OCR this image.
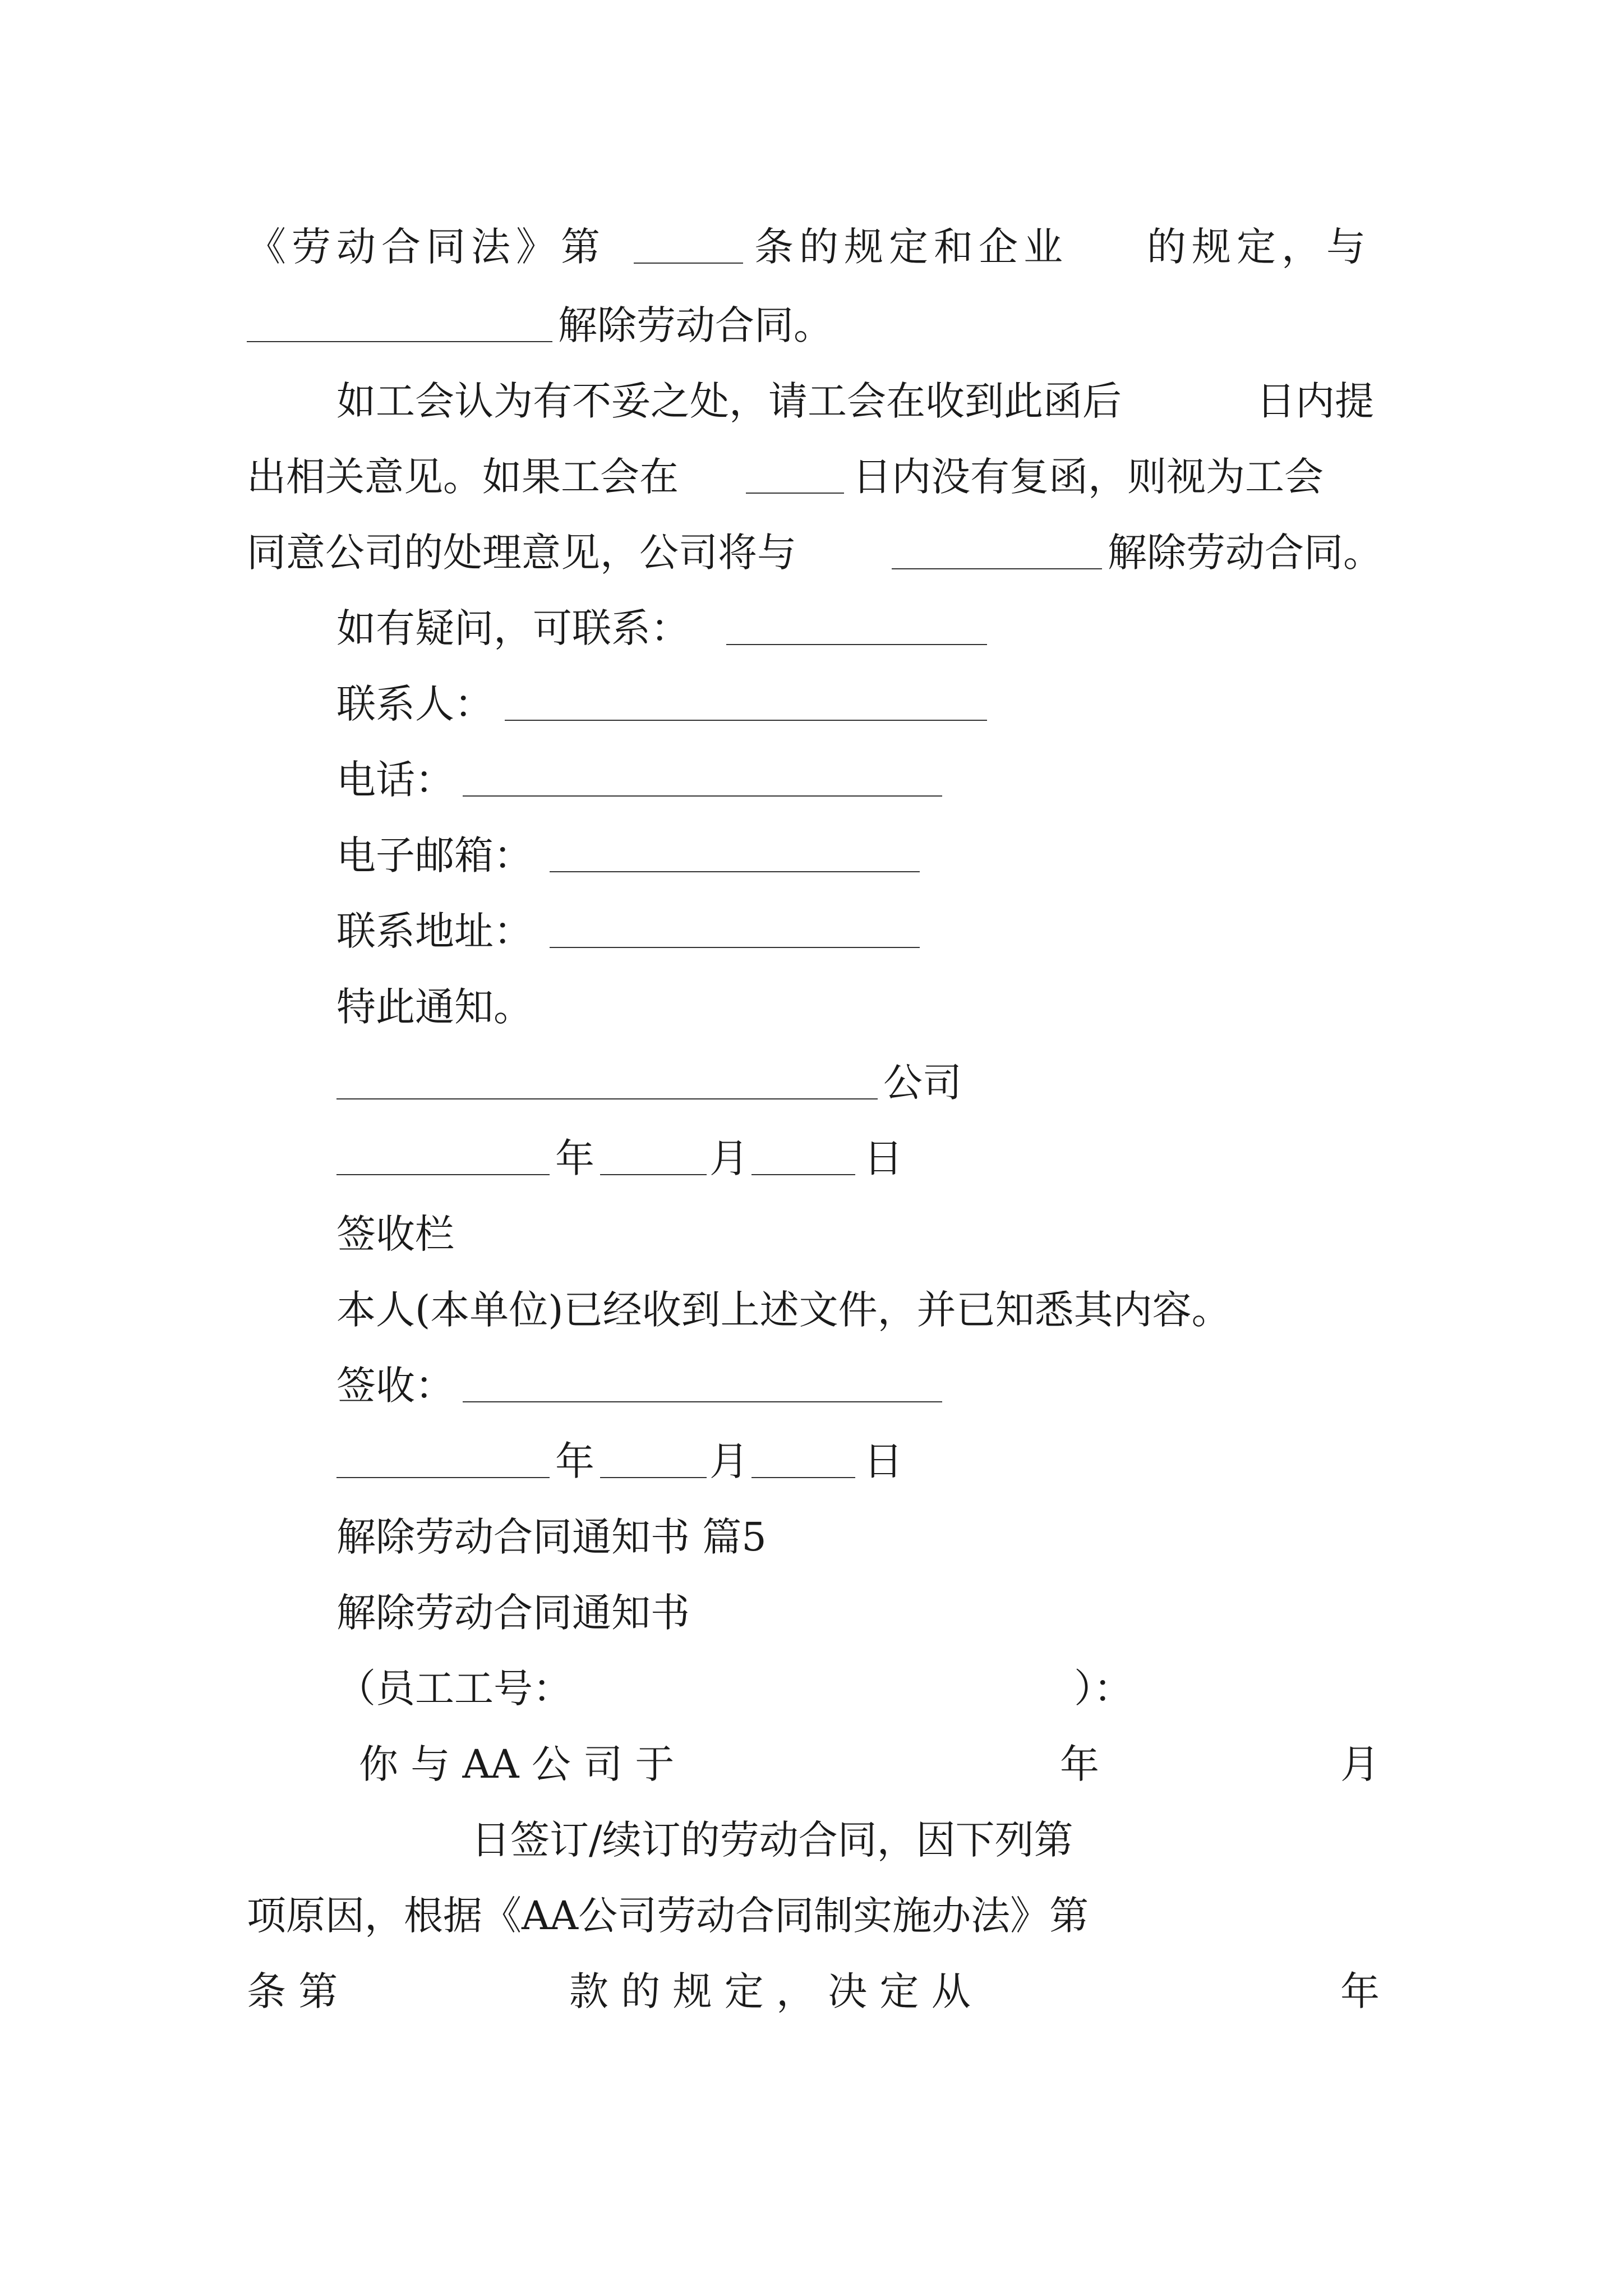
《劳动合同法》第	条的规定和企业 的规定，与
解除劳动合同。
如工会认为有不妥之处，请工会在收到此函后	日内提
出相关意见。如果工会在	日内没有复函，则视为工会
同意公司的处理意见，公司将与	解除劳动合同。
如有疑问，可联系：
联系人：
电话：
电子邮箱：
联系地址：
特此通知。
公司
年	月	日
签收栏
本人(本单位)已经收到上述文件，并已知悉其内容。
签收：
年	月	日
解除劳动合同通知书 篇5
解除劳动合同通知书
（员工工号：	）：
你 与 AA 公 司 于	年	月
日签订/续订的劳动合同，因下列第
项原因，根据《AA公司劳动合同制实施办法》第
条 第	款 的 规 定 ， 决 定 从	年
